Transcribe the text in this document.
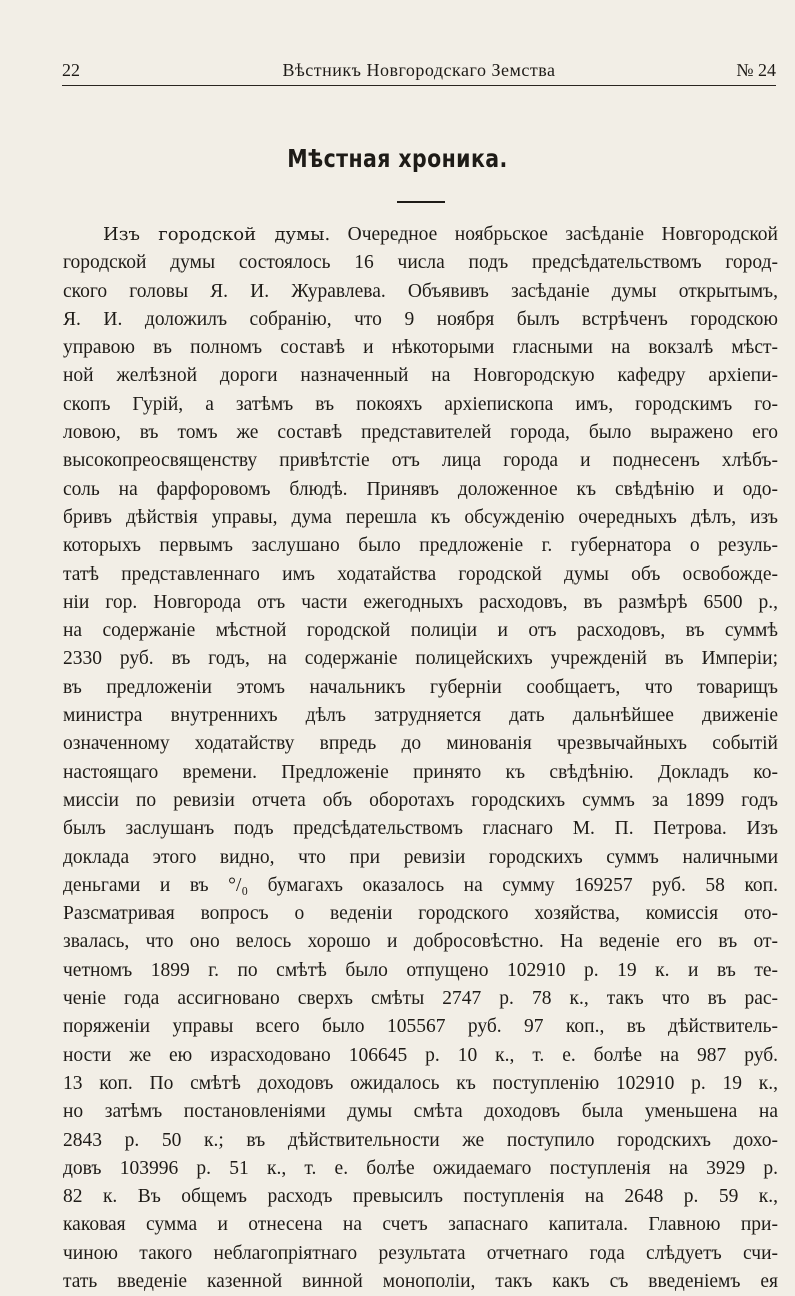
22	Вѣстникъ Новгородскаго Земства	№ 24
Мѣстная хроника.
Изъ городской думы. Очередное ноябрьское засѣданіе Новгородской
городской думы состоялось 16 числа подъ предсѣдательствомъ город-
ского головы Я. И. Журавлева. Объявивъ засѣданіе думы открытымъ,
Я. И. доложилъ собранію, что 9 ноября былъ встрѣченъ городскою
управою въ полномъ составѣ и нѣкоторыми гласными на вокзалѣ мѣст-
ной желѣзной дороги назначенный на Новгородскую кафедру архіепи-
скопъ Гурій, а затѣмъ въ покояхъ архіепископа имъ, городскимъ го-
ловою, въ томъ же составѣ представителей города, было выражено его
высокопреосвященству привѣтстіе отъ лица города и поднесенъ хлѣбъ-
соль на фарфоровомъ блюдѣ. Принявъ доложенное къ свѣдѣнію и одо-
бривъ дѣйствія управы, дума перешла къ обсужденію очередныхъ дѣлъ, изъ
которыхъ первымъ заслушано было предложеніе г. губернатора о резуль-
татѣ представленнаго имъ ходатайства городской думы объ освобожде-
ніи гор. Новгорода отъ части ежегодныхъ расходовъ, въ размѣрѣ 6500 р.,
на содержаніе мѣстной городской полиціи и отъ расходовъ, въ суммѣ
2330 руб. въ годъ, на содержаніе полицейскихъ учрежденій въ Имперіи;
въ предложеніи этомъ начальникъ губерніи сообщаетъ, что товарищъ
министра внутреннихъ дѣлъ затрудняется дать дальнѣйшее движеніе
означенному ходатайству впредь до минованія чрезвычайныхъ событій
настоящаго времени. Предложеніе принято къ свѣдѣнію. Докладъ ко-
миссіи по ревизіи отчета объ оборотахъ городскихъ суммъ за 1899 годъ
былъ заслушанъ подъ предсѣдательствомъ гласнаго М. П. Петрова. Изъ
доклада этого видно, что при ревизіи городскихъ суммъ наличными
деньгами и въ °/₀ бумагахъ оказалось на сумму 169257 руб. 58 коп.
Разсматривая вопросъ о веденіи городского хозяйства, комиссія ото-
звалась, что оно велось хорошо и добросовѣстно. На веденіе его въ от-
четномъ 1899 г. по смѣтѣ было отпущено 102910 р. 19 к. и въ те-
ченіе года ассигновано сверхъ смѣты 2747 р. 78 к., такъ что въ рас-
поряженіи управы всего было 105567 руб. 97 коп., въ дѣйствитель-
ности же ею израсходовано 106645 р. 10 к., т. е. болѣе на 987 руб.
13 коп. По смѣтѣ доходовъ ожидалось къ поступленію 102910 р. 19 к.,
но затѣмъ постановленіями думы смѣта доходовъ была уменьшена на
2843 р. 50 к.; въ дѣйствительности же поступило городскихъ дохо-
довъ 103996 р. 51 к., т. е. болѣе ожидаемаго поступленія на 3929 р.
82 к. Въ общемъ расходъ превысилъ поступленія на 2648 р. 59 к.,
каковая сумма и отнесена на счетъ запаснаго капитала. Главною при-
чиною такого неблагопріятнаго результата отчетнаго года слѣдуетъ счи-
тать введеніе казенной винной монополіи, такъ какъ съ введеніемъ ея
